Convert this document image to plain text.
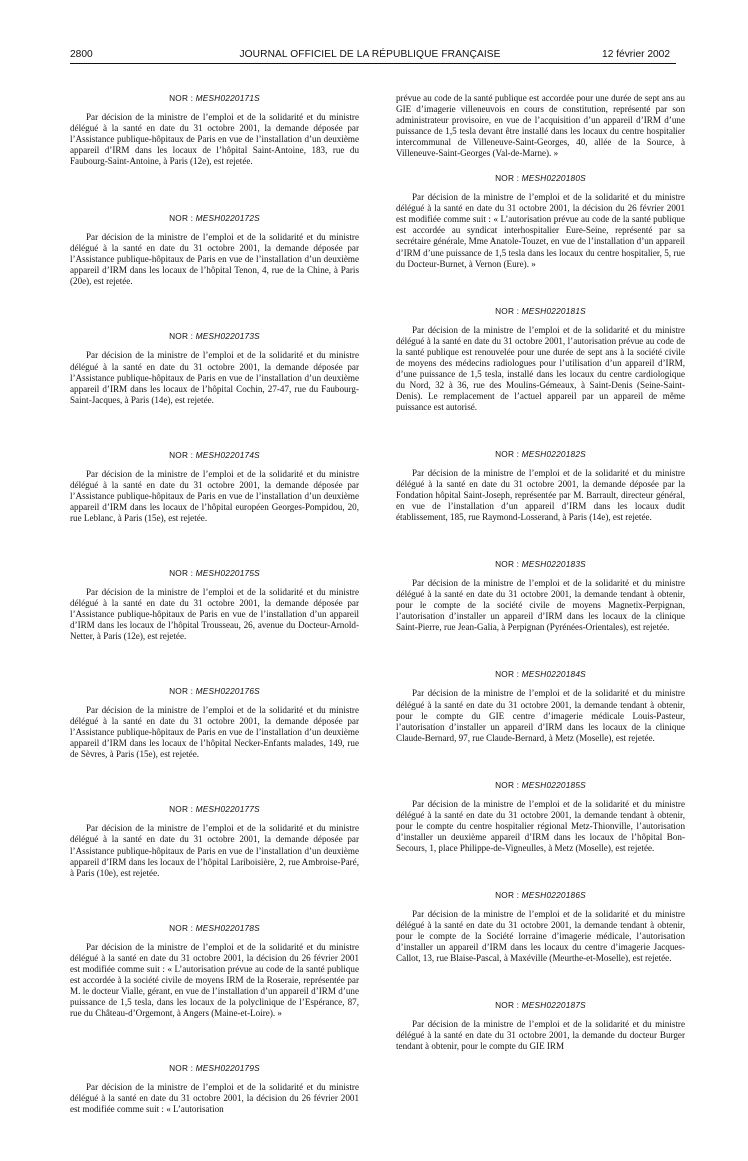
2800	JOURNAL OFFICIEL DE LA RÉPUBLIQUE FRANÇAISE	12 février 2002
NOR : MESH0220171S

Par décision de la ministre de l’emploi et de la solidarité et du ministre délégué à la santé en date du 31 octobre 2001, la demande déposée par l’Assistance publique-hôpitaux de Paris en vue de l’installation d’un deuxième appareil d’IRM dans les locaux de l’hôpital Saint-Antoine, 183, rue du Faubourg-Saint-Antoine, à Paris (12e), est rejetée.

NOR : MESH0220172S

Par décision de la ministre de l’emploi et de la solidarité et du ministre délégué à la santé en date du 31 octobre 2001, la demande déposée par l’Assistance publique-hôpitaux de Paris en vue de l’installation d’un deuxième appareil d’IRM dans les locaux de l’hôpital Tenon, 4, rue de la Chine, à Paris (20e), est rejetée.

NOR : MESH0220173S

Par décision de la ministre de l’emploi et de la solidarité et du ministre délégué à la santé en date du 31 octobre 2001, la demande déposée par l’Assistance publique-hôpitaux de Paris en vue de l’installation d’un deuxième appareil d’IRM dans les locaux de l’hôpital Cochin, 27-47, rue du Faubourg-Saint-Jacques, à Paris (14e), est rejetée.

NOR : MESH0220174S

Par décision de la ministre de l’emploi et de la solidarité et du ministre délégué à la santé en date du 31 octobre 2001, la demande déposée par l’Assistance publique-hôpitaux de Paris en vue de l’installation d’un deuxième appareil d’IRM dans les locaux de l’hôpital européen Georges-Pompidou, 20, rue Leblanc, à Paris (15e), est rejetée.

NOR : MESH0220175S

Par décision de la ministre de l’emploi et de la solidarité et du ministre délégué à la santé en date du 31 octobre 2001, la demande déposée par l’Assistance publique-hôpitaux de Paris en vue de l’installation d’un appareil d’IRM dans les locaux de l’hôpital Trousseau, 26, avenue du Docteur-Arnold-Netter, à Paris (12e), est rejetée.

NOR : MESH0220176S

Par décision de la ministre de l’emploi et de la solidarité et du ministre délégué à la santé en date du 31 octobre 2001, la demande déposée par l’Assistance publique-hôpitaux de Paris en vue de l’installation d’un deuxième appareil d’IRM dans les locaux de l’hôpital Necker-Enfants malades, 149, rue de Sèvres, à Paris (15e), est rejetée.

NOR : MESH0220177S

Par décision de la ministre de l’emploi et de la solidarité et du ministre délégué à la santé en date du 31 octobre 2001, la demande déposée par l’Assistance publique-hôpitaux de Paris en vue de l’installation d’un deuxième appareil d’IRM dans les locaux de l’hôpital Lariboisière, 2, rue Ambroise-Paré, à Paris (10e), est rejetée.

NOR : MESH0220178S

Par décision de la ministre de l’emploi et de la solidarité et du ministre délégué à la santé en date du 31 octobre 2001, la décision du 26 février 2001 est modifiée comme suit : « L’autorisation prévue au code de la santé publique est accordée à la société civile de moyens IRM de la Roseraie, représentée par M. le docteur Vialle, gérant, en vue de l’installation d’un appareil d’IRM d’une puissance de 1,5 tesla, dans les locaux de la polyclinique de l’Espérance, 87, rue du Château-d’Orgemont, à Angers (Maine-et-Loire). »

NOR : MESH0220179S

Par décision de la ministre de l’emploi et de la solidarité et du ministre délégué à la santé en date du 31 octobre 2001, la décision du 26 février 2001 est modifiée comme suit : « L’autorisation

prévue au code de la santé publique est accordée pour une durée de sept ans au GIE d’imagerie villeneuvois en cours de constitution, représenté par son administrateur provisoire, en vue de l’acquisition d’un appareil d’IRM d’une puissance de 1,5 tesla devant être installé dans les locaux du centre hospitalier intercommunal de Villeneuve-Saint-Georges, 40, allée de la Source, à Villeneuve-Saint-Georges (Val-de-Marne). »

NOR : MESH0220180S

Par décision de la ministre de l’emploi et de la solidarité et du ministre délégué à la santé en date du 31 octobre 2001, la décision du 26 février 2001 est modifiée comme suit : « L’autorisation prévue au code de la santé publique est accordée au syndicat interhospitalier Eure-Seine, représenté par sa secrétaire générale, Mme Anatole-Touzet, en vue de l’installation d’un appareil d’IRM d’une puissance de 1,5 tesla dans les locaux du centre hospitalier, 5, rue du Docteur-Burnet, à Vernon (Eure). »

NOR : MESH0220181S

Par décision de la ministre de l’emploi et de la solidarité et du ministre délégué à la santé en date du 31 octobre 2001, l’autorisation prévue au code de la santé publique est renouvelée pour une durée de sept ans à la société civile de moyens des médecins radiologues pour l’utilisation d’un appareil d’IRM, d’une puissance de 1,5 tesla, installé dans les locaux du centre cardiologique du Nord, 32 à 36, rue des Moulins-Gémeaux, à Saint-Denis (Seine-Saint-Denis). Le remplacement de l’actuel appareil par un appareil de même puissance est autorisé.

NOR : MESH0220182S

Par décision de la ministre de l’emploi et de la solidarité et du ministre délégué à la santé en date du 31 octobre 2001, la demande déposée par la Fondation hôpital Saint-Joseph, représentée par M. Barrault, directeur général, en vue de l’installation d’un appareil d’IRM dans les locaux dudit établissement, 185, rue Raymond-Losserand, à Paris (14e), est rejetée.

NOR : MESH0220183S

Par décision de la ministre de l’emploi et de la solidarité et du ministre délégué à la santé en date du 31 octobre 2001, la demande tendant à obtenir, pour le compte de la société civile de moyens Magnetix-Perpignan, l’autorisation d’installer un appareil d’IRM dans les locaux de la clinique Saint-Pierre, rue Jean-Galia, à Perpignan (Pyrénées-Orientales), est rejetée.

NOR : MESH0220184S

Par décision de la ministre de l’emploi et de la solidarité et du ministre délégué à la santé en date du 31 octobre 2001, la demande tendant à obtenir, pour le compte du GIE centre d’imagerie médicale Louis-Pasteur, l’autorisation d’installer un appareil d’IRM dans les locaux de la clinique Claude-Bernard, 97, rue Claude-Bernard, à Metz (Moselle), est rejetée.

NOR : MESH0220185S

Par décision de la ministre de l’emploi et de la solidarité et du ministre délégué à la santé en date du 31 octobre 2001, la demande tendant à obtenir, pour le compte du centre hospitalier régional Metz-Thionville, l’autorisation d’installer un deuxième appareil d’IRM dans les locaux de l’hôpital Bon-Secours, 1, place Philippe-de-Vigneulles, à Metz (Moselle), est rejetée.

NOR : MESH0220186S

Par décision de la ministre de l’emploi et de la solidarité et du ministre délégué à la santé en date du 31 octobre 2001, la demande tendant à obtenir, pour le compte de la Société lorraine d’imagerie médicale, l’autorisation d’installer un appareil d’IRM dans les locaux du centre d’imagerie Jacques-Callot, 13, rue Blaise-Pascal, à Maxéville (Meurthe-et-Moselle), est rejetée.

NOR : MESH0220187S

Par décision de la ministre de l’emploi et de la solidarité et du ministre délégué à la santé en date du 31 octobre 2001, la demande du docteur Burger tendant à obtenir, pour le compte du GIE IRM
